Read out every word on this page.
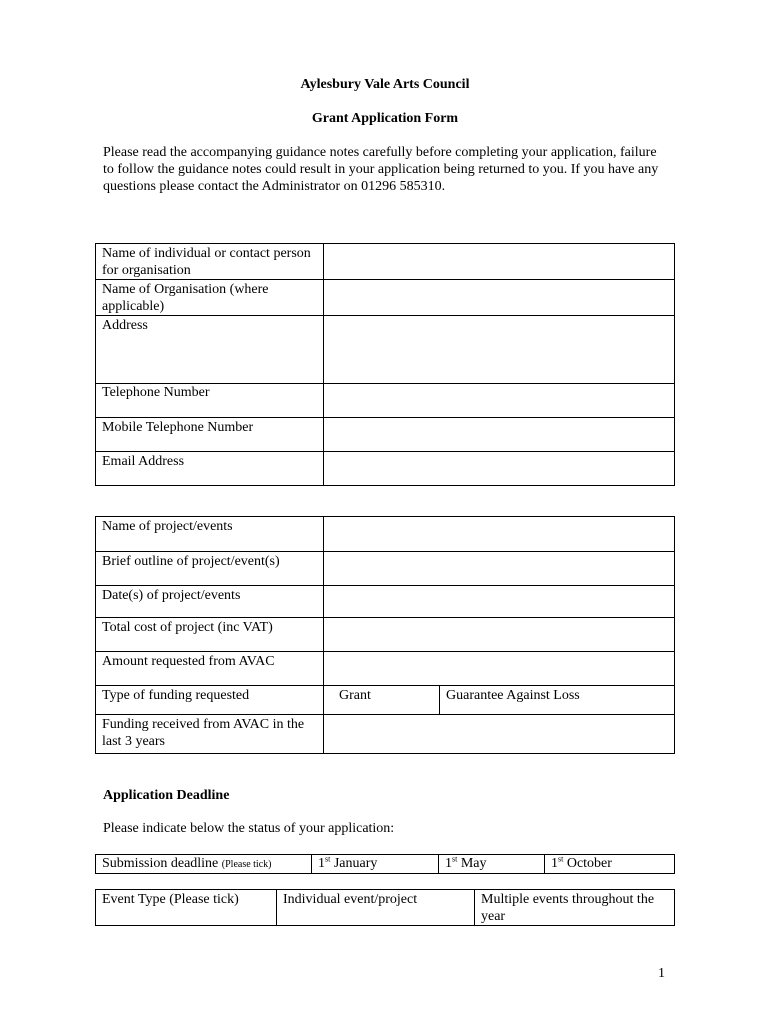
Aylesbury Vale Arts Council
Grant Application Form
Please read the accompanying guidance notes carefully before completing your application, failure to follow the guidance notes could result in your application being returned to you. If you have any questions please contact the Administrator on 01296 585310.
Name of individual or contact person for organisation	
Name of Organisation (where applicable)	
Address	
Telephone Number	
Mobile Telephone Number	
Email Address	
Name of project/events		
Brief outline of project/event(s)		
Date(s) of project/events		
Total cost of project (inc VAT)		
Amount requested from AVAC		
Type of funding requested	Grant	Guarantee Against Loss
Funding received from AVAC in the last 3 years		
Application Deadline
Please indicate below the status of your application:
Submission deadline (Please tick)	1st January	1st May	1st October
Event Type (Please tick)	Individual event/project	Multiple events throughout the year
1
